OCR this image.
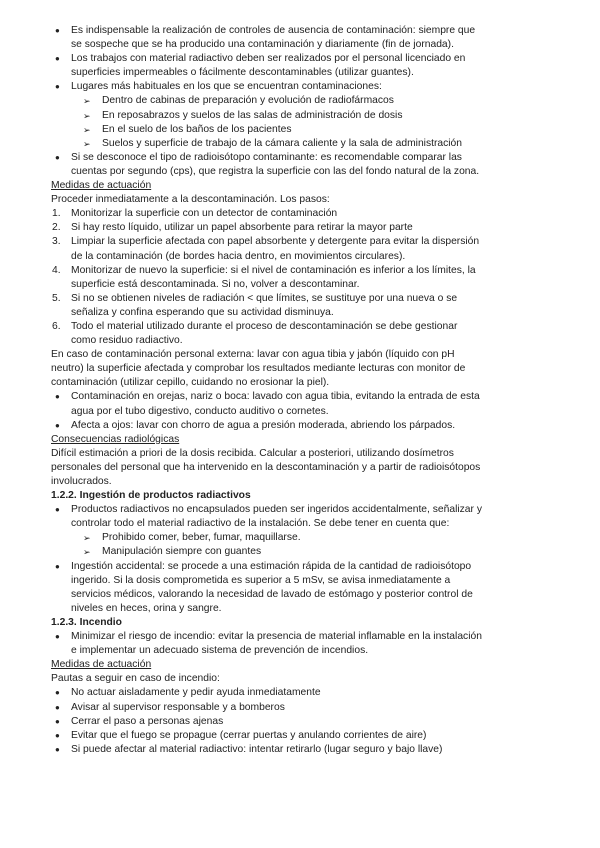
● Es indispensable la realización de controles de ausencia de contaminación: siempre que
se sospeche que se ha producido una contaminación y diariamente (fin de jornada).
● Los trabajos con material radiactivo deben ser realizados por el personal licenciado en
superficies impermeables o fácilmente descontaminables (utilizar guantes).
● Lugares más habituales en los que se encuentran contaminaciones:
➢ Dentro de cabinas de preparación y evolución de radiofármacos
➢ En reposabrazos y suelos de las salas de administración de dosis
➢ En el suelo de los baños de los pacientes
➢ Suelos y superficie de trabajo de la cámara caliente y la sala de administración
● Si se desconoce el tipo de radioisótopo contaminante: es recomendable comparar las
cuentas por segundo (cps), que registra la superficie con las del fondo natural de la zona.
Medidas de actuación
Proceder inmediatamente a la descontaminación. Los pasos:
1. Monitorizar la superficie con un detector de contaminación
2. Si hay resto líquido, utilizar un papel absorbente para retirar la mayor parte
3. Limpiar la superficie afectada con papel absorbente y detergente para evitar la dispersión
de la contaminación (de bordes hacia dentro, en movimientos circulares).
4. Monitorizar de nuevo la superficie: si el nivel de contaminación es inferior a los límites, la
superficie está descontaminada. Si no, volver a descontaminar.
5. Si no se obtienen niveles de radiación < que límites, se sustituye por una nueva o se
señaliza y confina esperando que su actividad disminuya.
6. Todo el material utilizado durante el proceso de descontaminación se debe gestionar
como residuo radiactivo.
En caso de contaminación personal externa: lavar con agua tibia y jabón (líquido con pH
neutro) la superficie afectada y comprobar los resultados mediante lecturas con monitor de
contaminación (utilizar cepillo, cuidando no erosionar la piel).
● Contaminación en orejas, nariz o boca: lavado con agua tibia, evitando la entrada de esta
agua por el tubo digestivo, conducto auditivo o cornetes.
● Afecta a ojos: lavar con chorro de agua a presión moderada, abriendo los párpados.
Consecuencias radiológicas
Difícil estimación a priori de la dosis recibida. Calcular a posteriori, utilizando dosímetros
personales del personal que ha intervenido en la descontaminación y a partir de radioisótopos
involucrados.
1.2.2. Ingestión de productos radiactivos
● Productos radiactivos no encapsulados pueden ser ingeridos accidentalmente, señalizar y
controlar todo el material radiactivo de la instalación. Se debe tener en cuenta que:
➢ Prohibido comer, beber, fumar, maquillarse.
➢ Manipulación siempre con guantes
● Ingestión accidental: se procede a una estimación rápida de la cantidad de radioisótopo
ingerido. Si la dosis comprometida es superior a 5 mSv, se avisa inmediatamente a
servicios médicos, valorando la necesidad de lavado de estómago y posterior control de
niveles en heces, orina y sangre.
1.2.3. Incendio
● Minimizar el riesgo de incendio: evitar la presencia de material inflamable en la instalación
e implementar un adecuado sistema de prevención de incendios.
Medidas de actuación
Pautas a seguir en caso de incendio:
● No actuar aisladamente y pedir ayuda inmediatamente
● Avisar al supervisor responsable y a bomberos
● Cerrar el paso a personas ajenas
● Evitar que el fuego se propague (cerrar puertas y anulando corrientes de aire)
● Si puede afectar al material radiactivo: intentar retirarlo (lugar seguro y bajo llave)
